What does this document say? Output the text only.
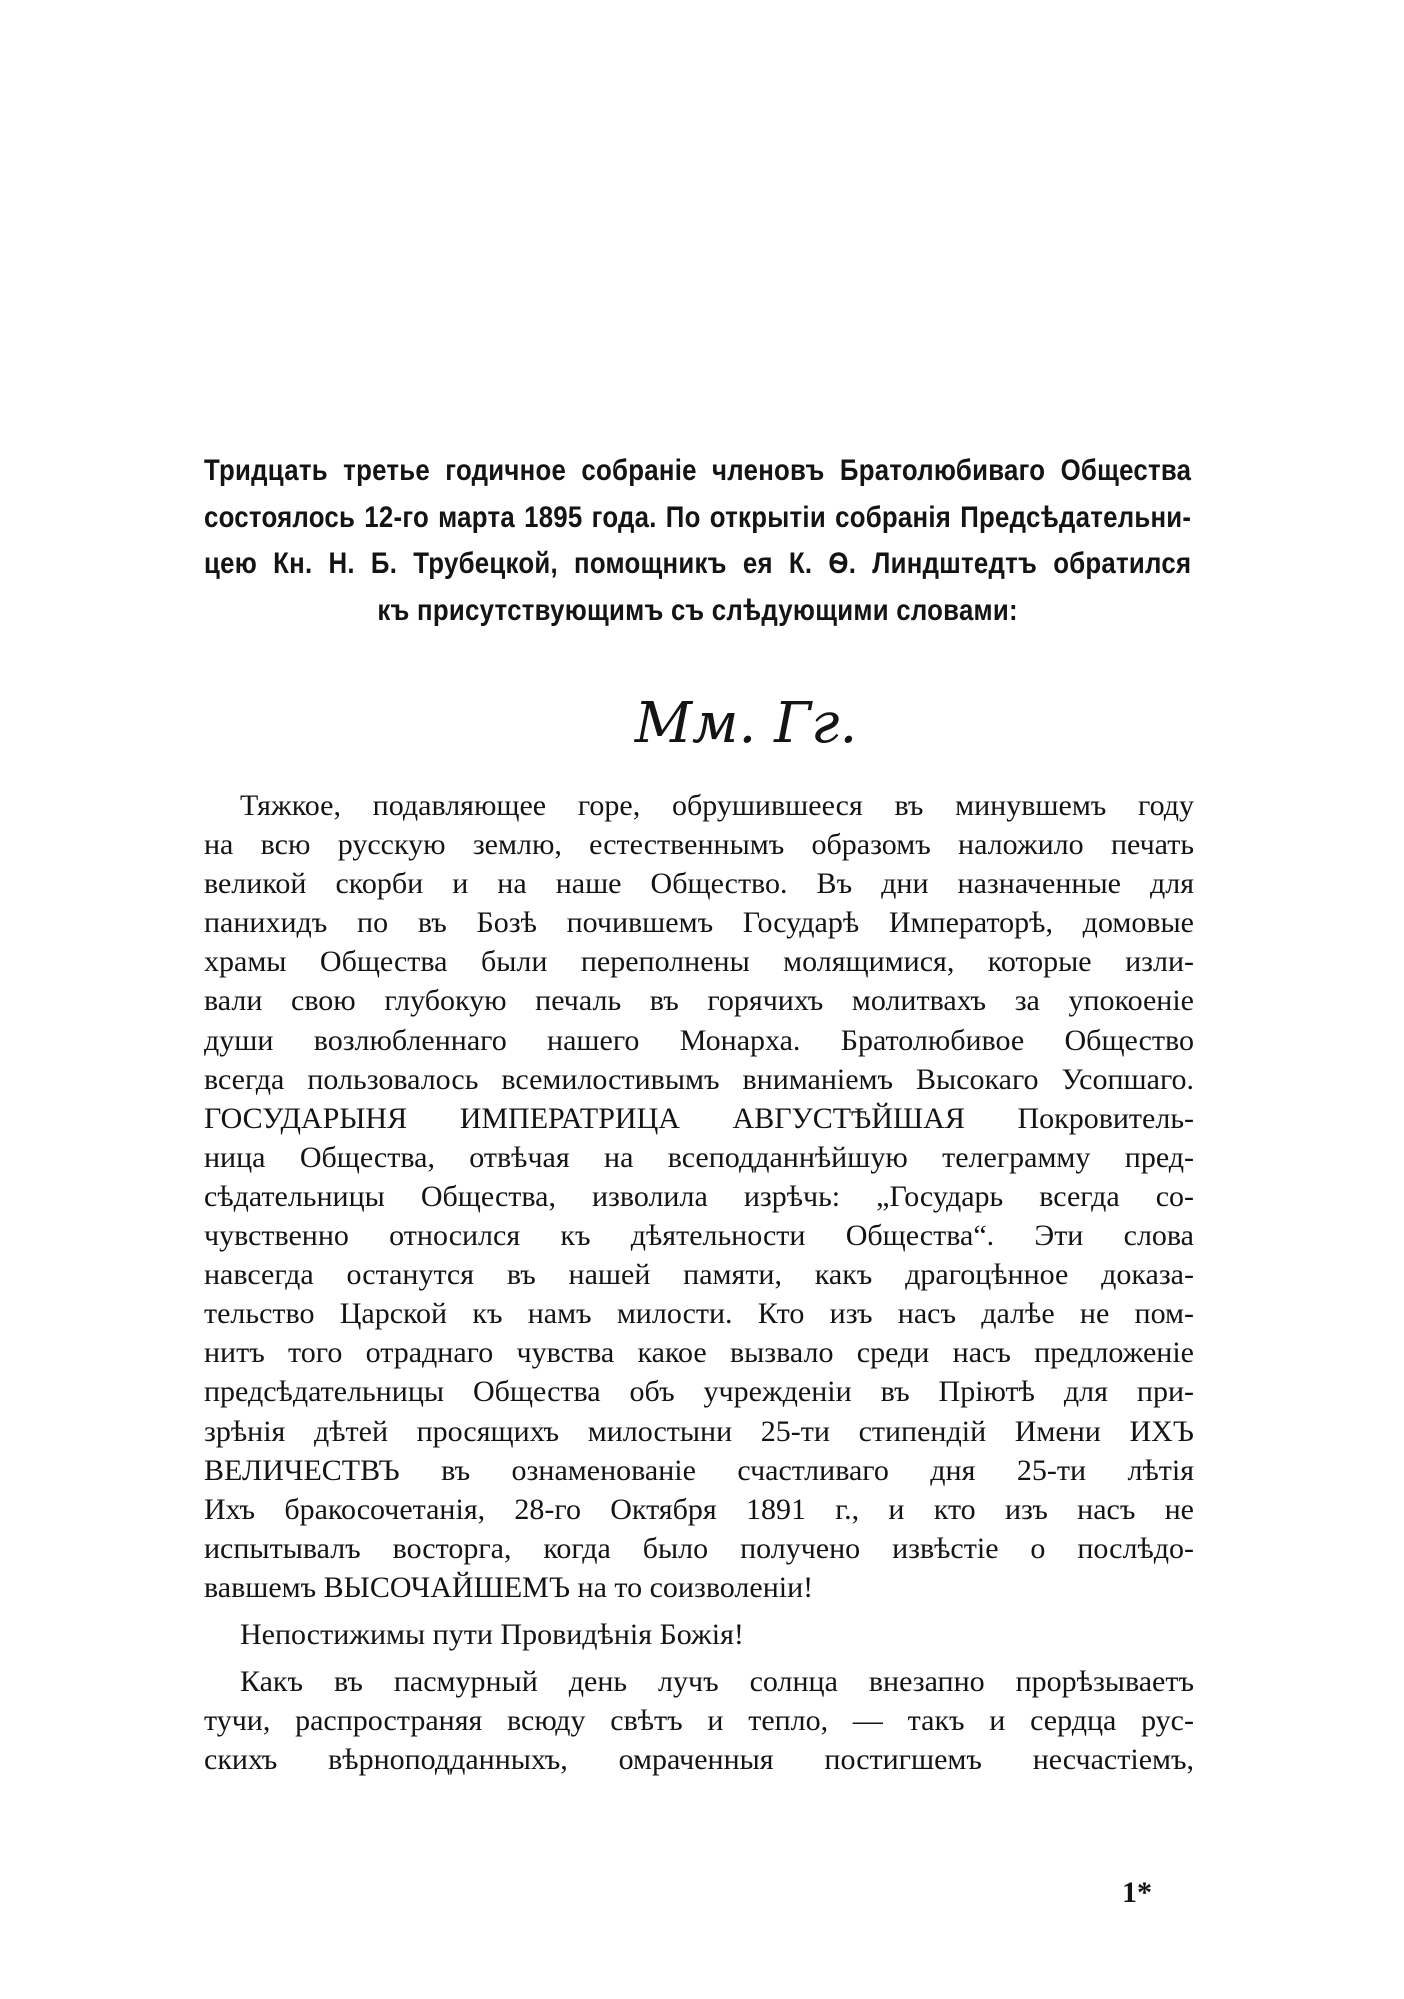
Тридцать третье годичное собраніе членовъ Братолюбиваго Общества
состоялось 12-го марта 1895 года. По открытіи собранія Предсѣдательни-
цею Кн. Н. Б. Трубецкой, помощникъ ея К. Ѳ. Линдштедтъ обратился
къ присутствующимъ съ слѣдующими словами:
Мм. Гг.
Тяжкое, подавляющее горе, обрушившееся въ минувшемъ году
на всю русскую землю, естественнымъ образомъ наложило печать
великой скорби и на наше Общество. Въ дни назначенные для
панихидъ по въ Бозѣ почившемъ Государѣ Императорѣ, домовые
храмы Общества были переполнены молящимися, которые изли-
вали свою глубокую печаль въ горячихъ молитвахъ за упокоеніе
души возлюбленнаго нашего Монарха. Братолюбивое Общество
всегда пользовалось всемилостивымъ вниманіемъ Высокаго Усопшаго.
ГОСУДАРЫНЯ ИМПЕРАТРИЦА АВГУСТѢЙШАЯ Покровитель-
ница Общества, отвѣчая на всеподданнѣйшую телеграмму пред-
сѣдательницы Общества, изволила изрѣчь: „Государь всегда со-
чувственно относился къ дѣятельности Общества“. Эти слова
навсегда останутся въ нашей памяти, какъ драгоцѣнное доказа-
тельство Царской къ намъ милости. Кто изъ насъ далѣе не пом-
нитъ того отраднаго чувства какое вызвало среди насъ предложеніе
предсѣдательницы Общества объ учрежденіи въ Пріютѣ для при-
зрѣнія дѣтей просящихъ милостыни 25-ти стипендій Имени ИХЪ
ВЕЛИЧЕСТВЪ въ ознаменованіе счастливаго дня 25-ти лѣтія
Ихъ бракосочетанія, 28-го Октября 1891 г., и кто изъ насъ не
испытывалъ восторга, когда было получено извѣстіе о послѣдо-
вавшемъ ВЫСОЧАЙШЕМЪ на то соизволеніи!
Непостижимы пути Провидѣнія Божія!
Какъ въ пасмурный день лучъ солнца внезапно прорѣзываетъ
тучи, распространяя всюду свѣтъ и тепло, — такъ и сердца рус-
скихъ вѣрноподданныхъ, омраченныя постигшемъ несчастіемъ,
1*
